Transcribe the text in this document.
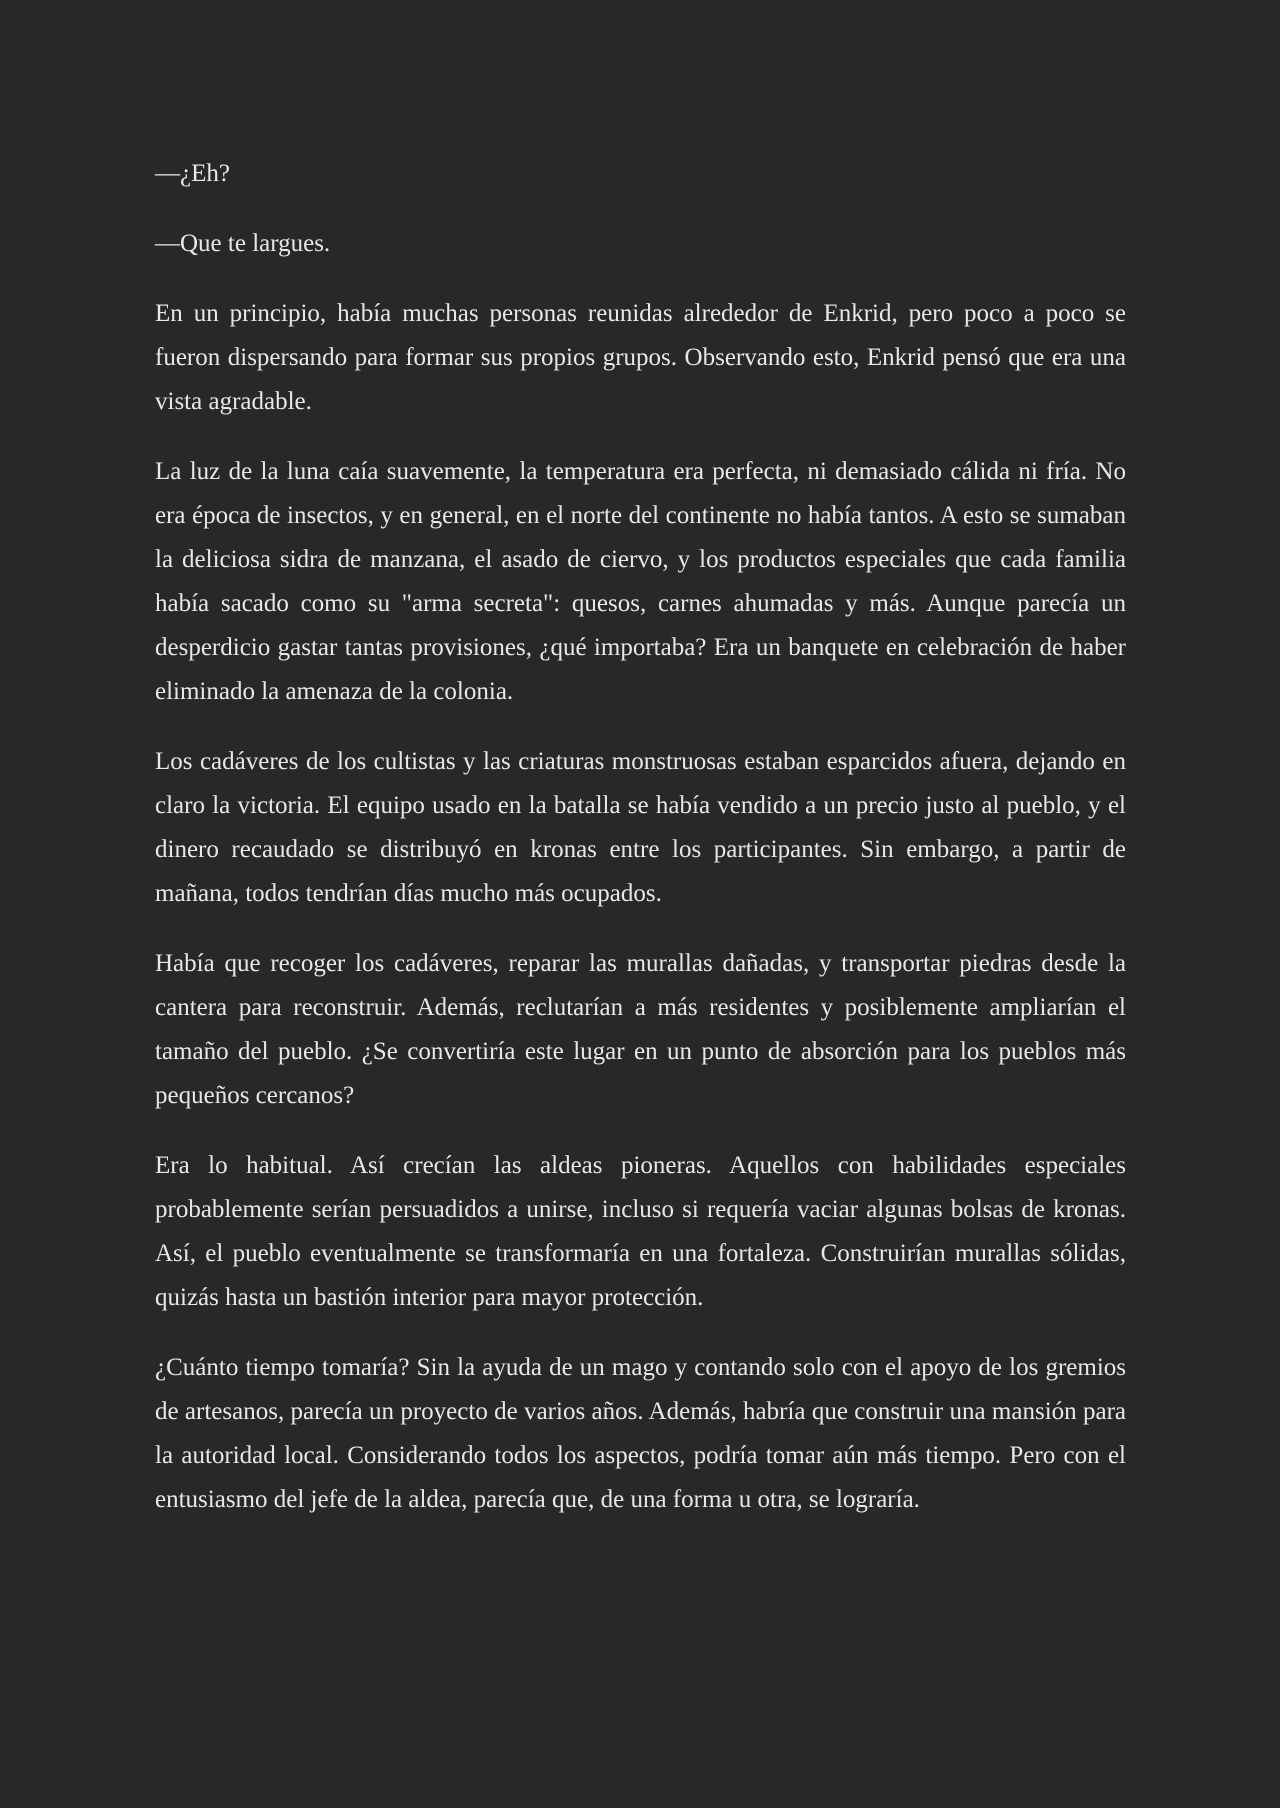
—¿Eh?

—Que te largues.

En un principio, había muchas personas reunidas alrededor de Enkrid, pero poco a poco se fueron dispersando para formar sus propios grupos. Observando esto, Enkrid pensó que era una vista agradable.

La luz de la luna caía suavemente, la temperatura era perfecta, ni demasiado cálida ni fría. No era época de insectos, y en general, en el norte del continente no había tantos. A esto se sumaban la deliciosa sidra de manzana, el asado de ciervo, y los productos especiales que cada familia había sacado como su "arma secreta": quesos, carnes ahumadas y más. Aunque parecía un desperdicio gastar tantas provisiones, ¿qué importaba? Era un banquete en celebración de haber eliminado la amenaza de la colonia.

Los cadáveres de los cultistas y las criaturas monstruosas estaban esparcidos afuera, dejando en claro la victoria. El equipo usado en la batalla se había vendido a un precio justo al pueblo, y el dinero recaudado se distribuyó en kronas entre los participantes. Sin embargo, a partir de mañana, todos tendrían días mucho más ocupados.

Había que recoger los cadáveres, reparar las murallas dañadas, y transportar piedras desde la cantera para reconstruir. Además, reclutarían a más residentes y posiblemente ampliarían el tamaño del pueblo. ¿Se convertiría este lugar en un punto de absorción para los pueblos más pequeños cercanos?

Era lo habitual. Así crecían las aldeas pioneras. Aquellos con habilidades especiales probablemente serían persuadidos a unirse, incluso si requería vaciar algunas bolsas de kronas. Así, el pueblo eventualmente se transformaría en una fortaleza. Construirían murallas sólidas, quizás hasta un bastión interior para mayor protección.

¿Cuánto tiempo tomaría? Sin la ayuda de un mago y contando solo con el apoyo de los gremios de artesanos, parecía un proyecto de varios años. Además, habría que construir una mansión para la autoridad local. Considerando todos los aspectos, podría tomar aún más tiempo. Pero con el entusiasmo del jefe de la aldea, parecía que, de una forma u otra, se lograría.
